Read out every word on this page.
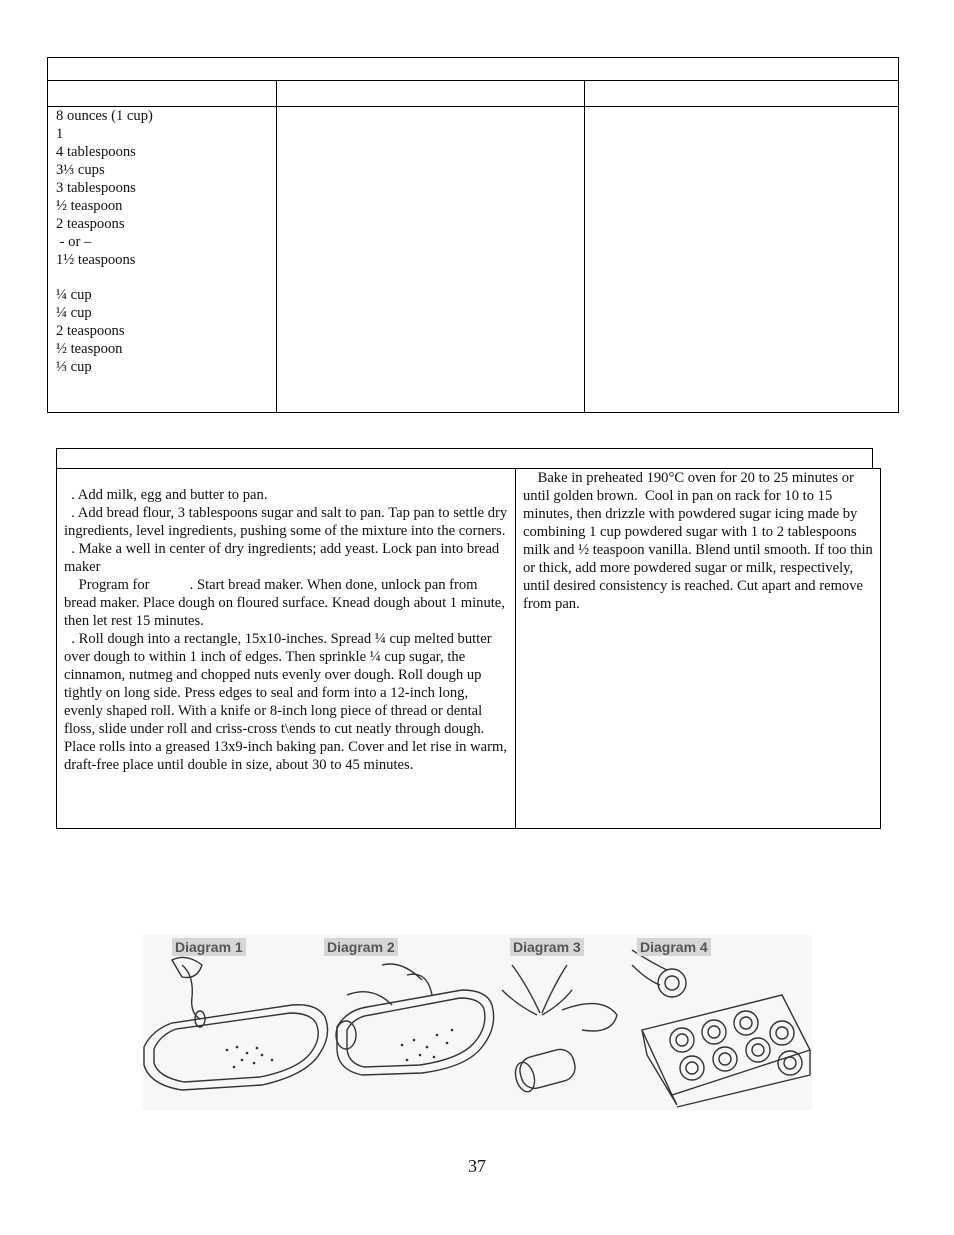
8 ounces (1 cup)
1
4 tablespoons
3⅓ cups
3 tablespoons
½ teaspoon
2 teaspoons
- or –
1½ teaspoons
¼ cup
¼ cup
2 teaspoons
½ teaspoon
⅓ cup
. Add milk, egg and butter to pan.
. Add bread flour, 3 tablespoons sugar and salt to pan. Tap pan to settle dry ingredients, level ingredients, pushing some of the mixture into the corners.
. Make a well in center of dry ingredients; add yeast. Lock pan into bread maker
Program for           . Start bread maker. When done, unlock pan from bread maker. Place dough on floured surface. Knead dough about 1 minute, then let rest 15 minutes.
. Roll dough into a rectangle, 15x10-inches. Spread ¼ cup melted butter over dough to within 1 inch of edges. Then sprinkle ¼ cup sugar, the cinnamon, nutmeg and chopped nuts evenly over dough. Roll dough up tightly on long side. Press edges to seal and form into a 12-inch long, evenly shaped roll. With a knife or 8-inch long piece of thread or dental floss, slide under roll and criss-cross t\ends to cut neatly through dough. Place rolls into a greased 13x9-inch baking pan. Cover and let rise in warm, draft-free place until double in size, about 30 to 45 minutes.
Bake in preheated 190°C oven for 20 to 25 minutes or until golden brown.  Cool in pan on rack for 10 to 15 minutes, then drizzle with powdered sugar icing made by combining 1 cup powdered sugar with 1 to 2 tablespoons milk and ½ teaspoon vanilla. Blend until smooth. If too thin or thick, add more powdered sugar or milk, respectively, until desired consistency is reached. Cut apart and remove from pan.
Diagram 1	Diagram 2	Diagram 3	Diagram 4
37
